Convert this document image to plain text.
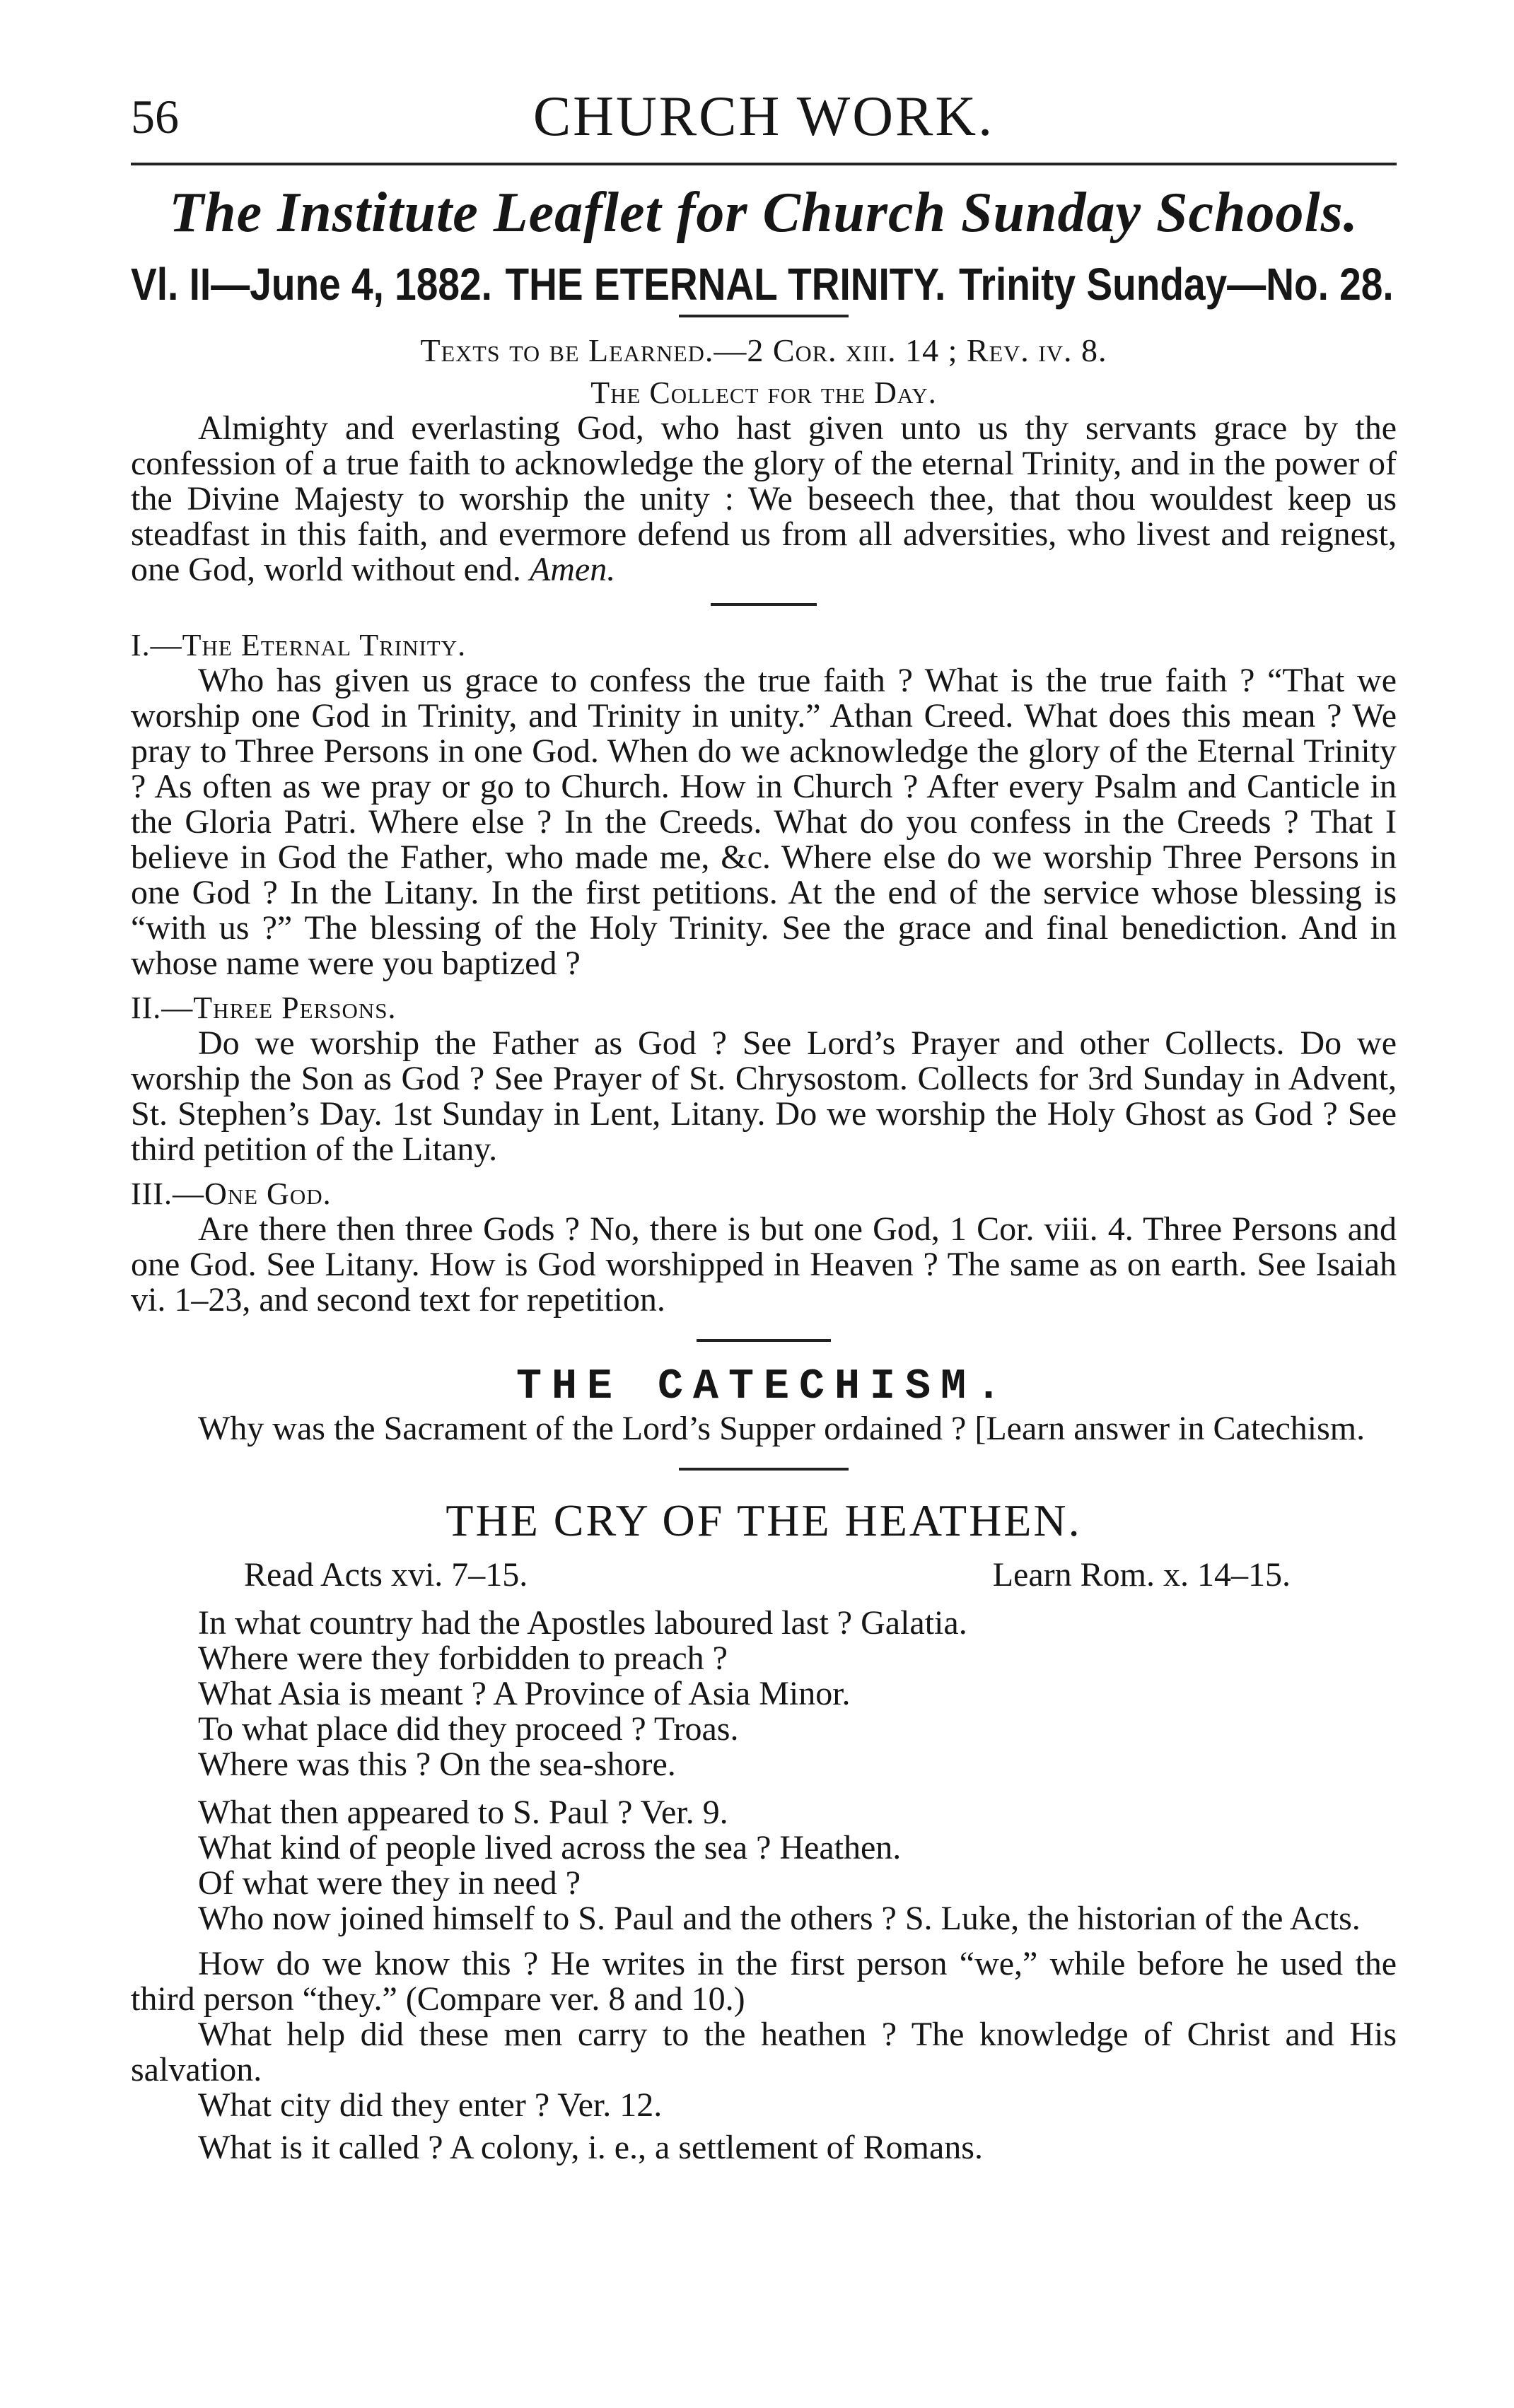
56	CHURCH WORK.
The Institute Leaflet for Church Sunday Schools.
Vl. II—June 4, 1882. THE ETERNAL TRINITY. Trinity Sunday—No. 28.
Texts to be Learned.—2 Cor. xiii. 14 ; Rev. iv. 8.
The Collect for the Day.

Almighty and everlasting God, who hast given unto us thy servants grace by the confession of a true faith to acknowledge the glory of the eternal Trinity, and in the power of the Divine Majesty to worship the unity : We beseech thee, that thou wouldest keep us steadfast in this faith, and evermore defend us from all adversities, who livest and reignest, one God, world without end. Amen.

I.—The Eternal Trinity.

Who has given us grace to confess the true faith ? What is the true faith ? “That we worship one God in Trinity, and Trinity in unity.” Athan Creed. What does this mean ? We pray to Three Persons in one God. When do we acknowledge the glory of the Eternal Trinity ? As often as we pray or go to Church. How in Church ? After every Psalm and Canticle in the Gloria Patri. Where else ? In the Creeds. What do you confess in the Creeds ? That I believe in God the Father, who made me, &c. Where else do we worship Three Persons in one God ? In the Litany. In the first petitions. At the end of the service whose blessing is “with us ?” The blessing of the Holy Trinity. See the grace and final benediction. And in whose name were you baptized ?

II.—Three Persons.

Do we worship the Father as God ? See Lord’s Prayer and other Collects. Do we worship the Son as God ? See Prayer of St. Chrysostom. Collects for 3rd Sunday in Advent, St. Stephen’s Day. 1st Sunday in Lent, Litany. Do we worship the Holy Ghost as God ? See third petition of the Litany.

III.—One God.

Are there then three Gods ? No, there is but one God, 1 Cor. viii. 4. Three Persons and one God. See Litany. How is God worshipped in Heaven ? The same as on earth. See Isaiah vi. 1–23, and second text for repetition.

THE CATECHISM.

Why was the Sacrament of the Lord’s Supper ordained ? [Learn answer in Catechism.

THE CRY OF THE HEATHEN.
Read Acts xvi. 7–15.	Learn Rom. x. 14–15.
In what country had the Apostles laboured last ? Galatia.
Where were they forbidden to preach ?
What Asia is meant ? A Province of Asia Minor.
To what place did they proceed ? Troas.
Where was this ? On the sea-shore.
What then appeared to S. Paul ? Ver. 9.
What kind of people lived across the sea ? Heathen.
Of what were they in need ?

Who now joined himself to S. Paul and the others ? S. Luke, the historian of the Acts.

How do we know this ? He writes in the first person “we,” while before he used the third person “they.” (Compare ver. 8 and 10.)

What help did these men carry to the heathen ? The knowledge of Christ and His salvation.

What city did they enter ? Ver. 12.
What is it called ? A colony, i. e., a settlement of Romans.
